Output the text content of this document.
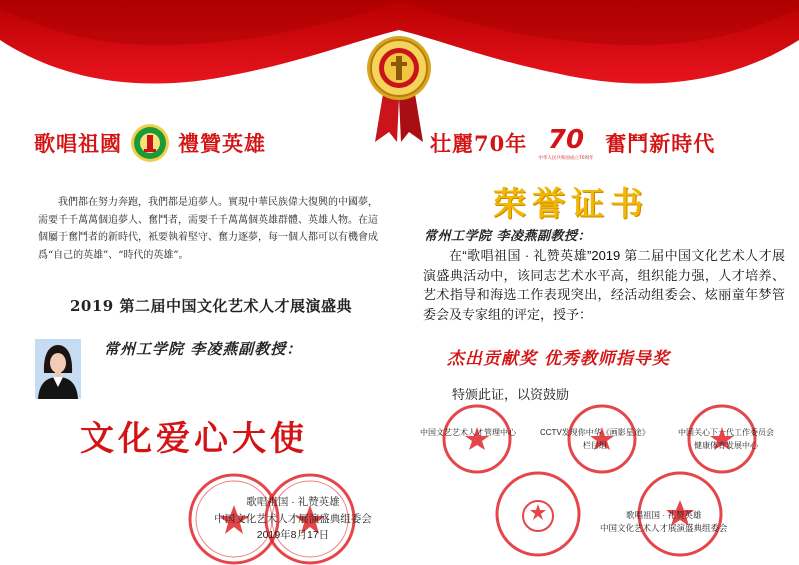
歌唱祖國	禮贊英雄	壮麗70年 70
中华人民共和国成立70周年
奮鬥新時代

我們都在努力奔跑，我們都是追夢人。實現中華民族偉大復興的中國夢，需要千千萬萬個追夢人、奮鬥者，需要千千萬萬個英雄群體、英雄人物。在這個屬于奮鬥者的新時代，衹要執着堅守、奮力逐夢，每一個人都可以有機會成爲“自己的英雄”、“時代的英雄”。

2019 第二届中国文化艺术人才展演盛典
常州工学院 李凌燕副教授：
文化爱心大使
歌唱祖国 · 礼赞英雄
中国文化艺术人才展演盛典组委会
2019年8月17日
荣誉证书
常州工学院 李凌燕副教授：

在“歌唱祖国 · 礼赞英雄”2019 第二届中国文化艺术人才展演盛典活动中，该同志艺术水平高，组织能力强，人才培养、艺术指导和海选工作表现突出，经活动组委会、炫丽童年梦管委会及专家组的评定，授予：

杰出贡献奖 优秀教师指导奖
特颁此证，以资鼓励
中国文艺艺术人才管理中心	CCTV发现你中华《画影星途》
栏目组
中国关心下一代工作委员会
健康体育发展中心
歌唱祖国 · 礼赞英雄
中国文化艺术人才展演盛典组委会
